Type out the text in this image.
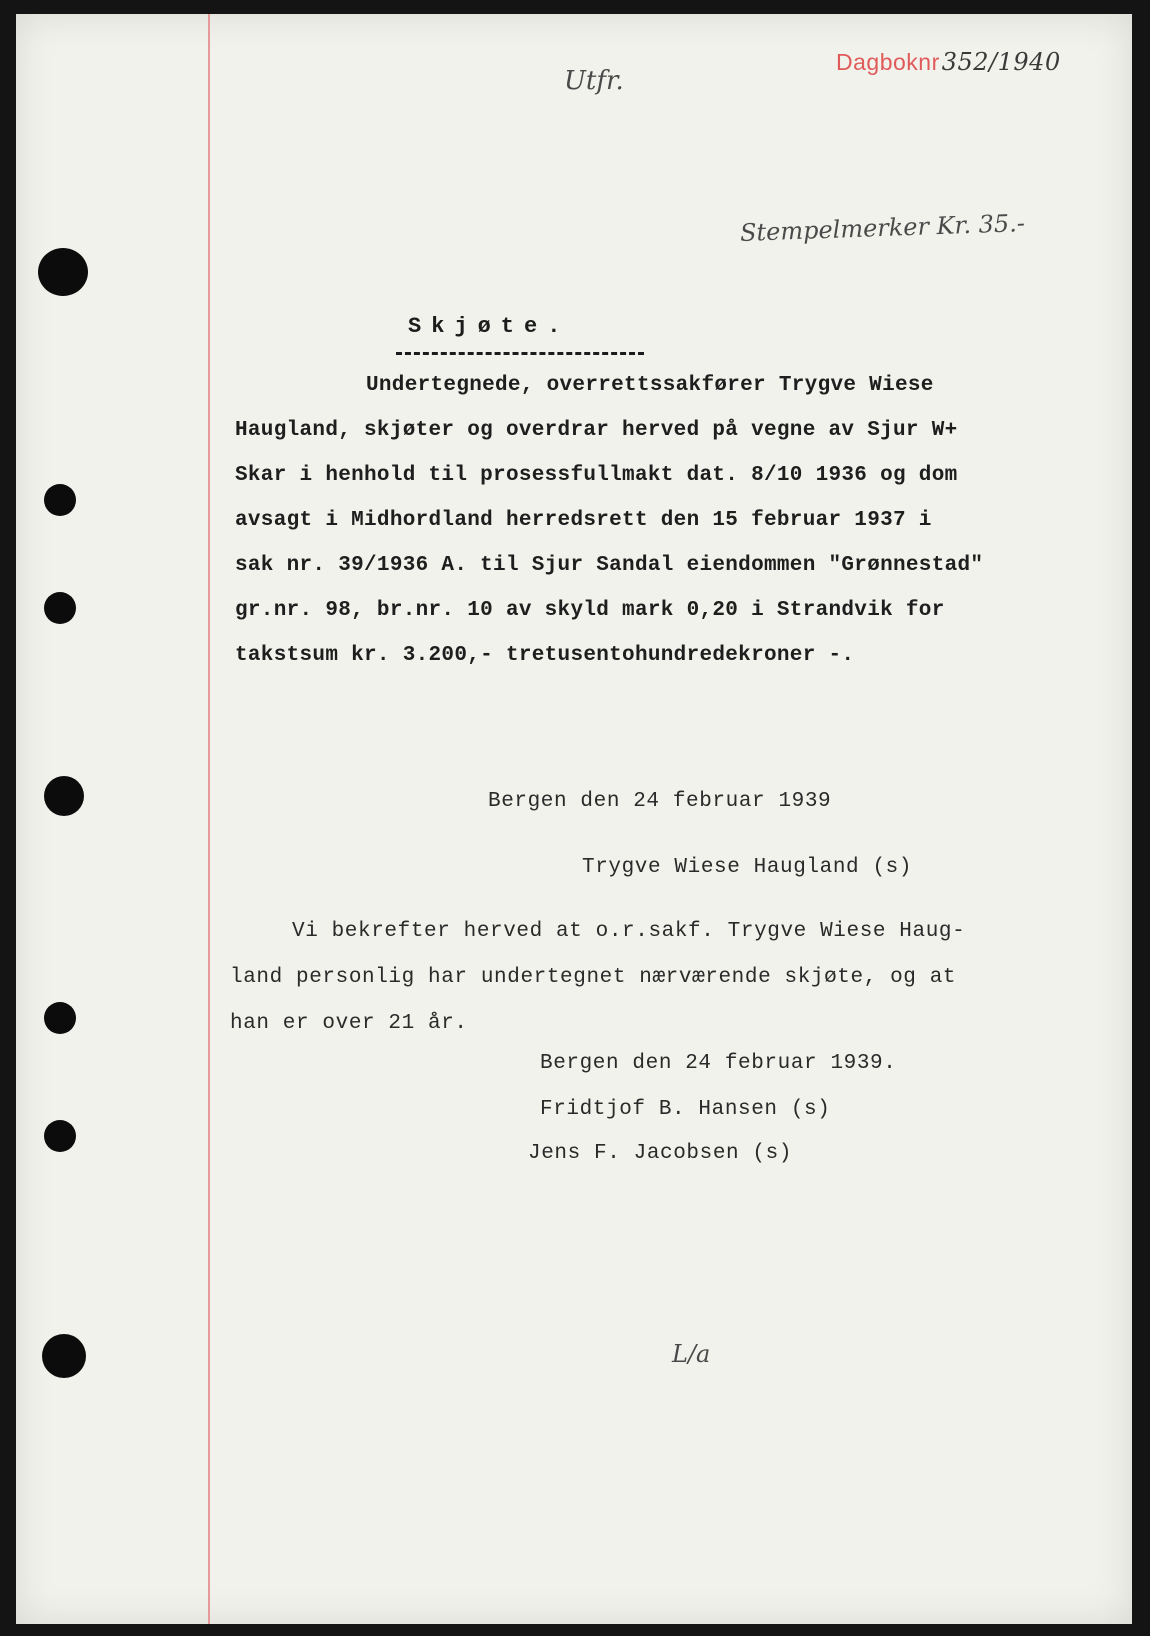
Dagboknr352/1940
Utfr.
Stempelmerker Kr. 35.-
Skjøte.
Undertegnede, overrettssakfører Trygve Wiese
Haugland, skjøter og overdrar herved på vegne av Sjur W+
Skar i henhold til prosessfullmakt dat. 8/10 1936 og dom
avsagt i Midhordland herredsrett den 15 februar 1937 i
sak nr. 39/1936 A. til Sjur Sandal eiendommen "Grønnestad"
gr.nr. 98, br.nr. 10 av skyld mark 0,20 i Strandvik for
takstsum kr. 3.200,- tretusentohundredekroner -.
Bergen den 24 februar 1939
Trygve Wiese Haugland (s)
Vi bekrefter herved at o.r.sakf. Trygve Wiese Haug-
land personlig har undertegnet nærværende skjøte, og at
han er over 21 år.
Bergen den 24 februar 1939.
Fridtjof B. Hansen (s)
Jens F. Jacobsen (s)
L/a
